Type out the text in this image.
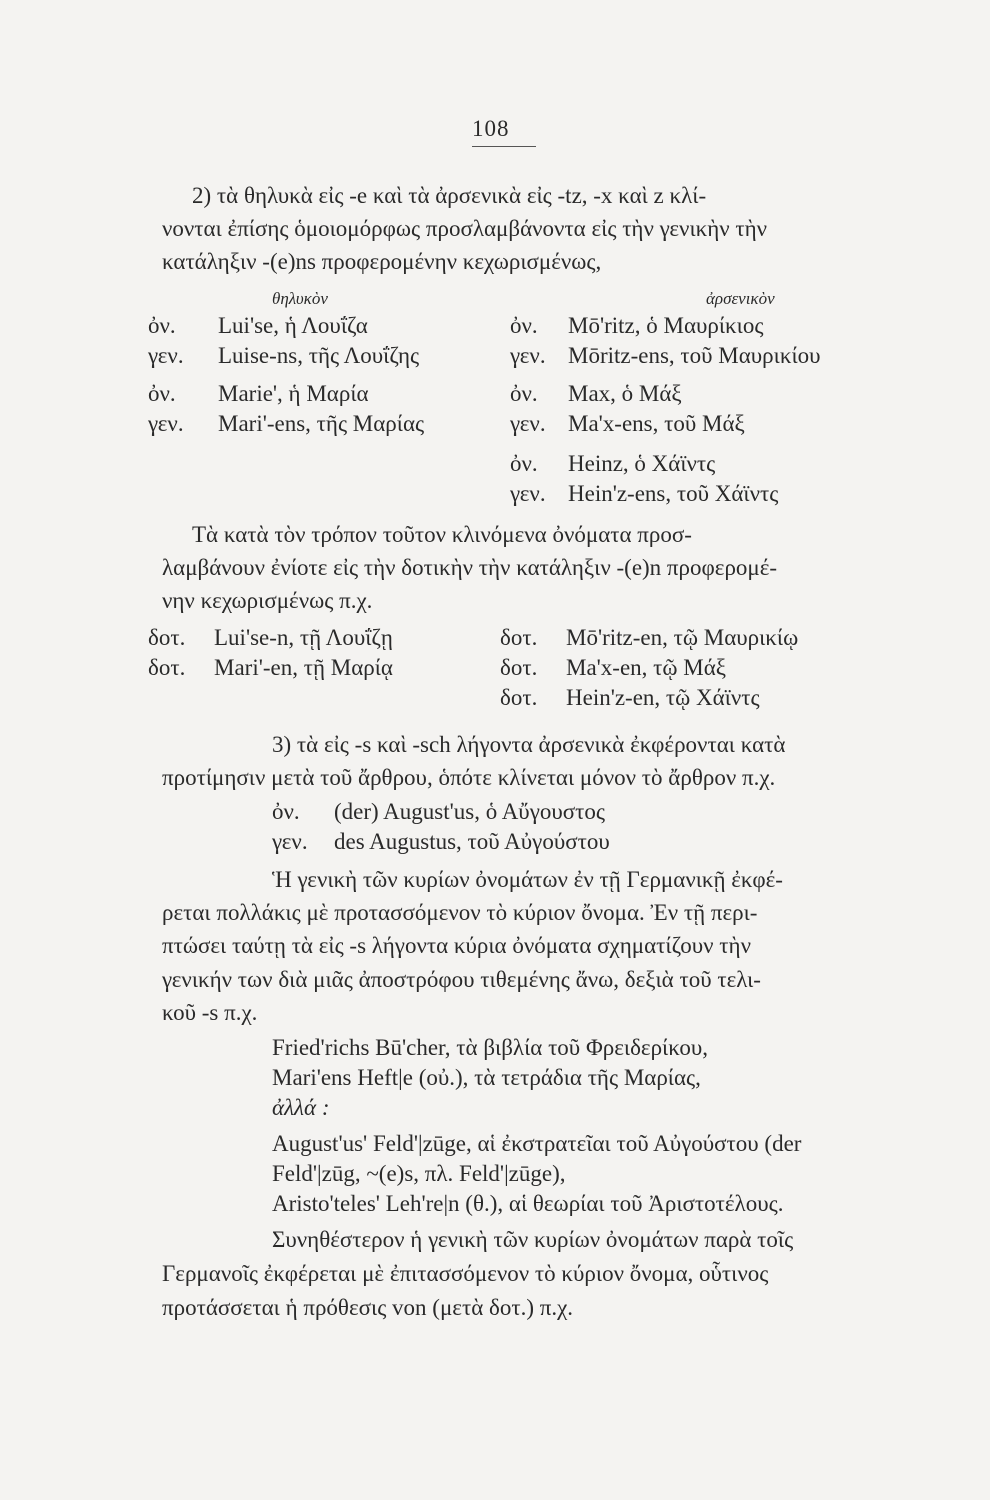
108
2) τὰ θηλυκὰ εἰς -e καὶ τὰ ἀρσενικὰ εἰς -tz, -x καὶ z κλί-
νονται ἐπίσης ὁμοιομόρφως προσλαμβάνοντα εἰς τὴν γενικὴν τὴν
κατάληξιν -(e)ns προφερομένην κεχωρισμένως,
θηλυκὸν	ἀρσενικὸν
ὀν. Lui'se, ἡ Λουΐζα
γεν. Luise-ns, τῆς Λουΐζης
ὀν. Marie', ἡ Μαρία
γεν. Mari'-ens, τῆς Μαρίας
ὀν. Mō'ritz, ὁ Μαυρίκιος
γεν. Mōritz-ens, τοῦ Μαυρικίου
ὀν. Max, ὁ Μάξ
γεν. Ma'x-ens, τοῦ Μάξ
ὀν. Heinz, ὁ Χάϊντς
γεν. Hein'z-ens, τοῦ Χάϊντς
Τὰ κατὰ τὸν τρόπον τοῦτον κλινόμενα ὀνόματα προσ-
λαμβάνουν ἐνίοτε εἰς τὴν δοτικὴν τὴν κατάληξιν -(e)n προφερομέ-
νην κεχωρισμένως π.χ.
δοτ. Lui'se-n, τῇ Λουΐζῃ
δοτ. Mari'-en, τῇ Μαρίᾳ
δοτ. Mō'ritz-en, τῷ Μαυρικίῳ
δοτ. Ma'x-en, τῷ Μάξ
δοτ. Hein'z-en, τῷ Χάϊντς
3) τὰ εἰς -s καὶ -sch λήγοντα ἀρσενικὰ ἐκφέρονται κατὰ
προτίμησιν μετὰ τοῦ ἄρθρου, ὁπότε κλίνεται μόνον τὸ ἄρθρον π.χ.
ὀν. (der) August'us, ὁ Αὔγουστος
γεν. des Augustus, τοῦ Αὐγούστου
Ἡ γενικὴ τῶν κυρίων ὀνομάτων ἐν τῇ Γερμανικῇ ἐκφέ-
ρεται πολλάκις μὲ προτασσόμενον τὸ κύριον ὄνομα. Ἐν τῇ περι-
πτώσει ταύτῃ τὰ εἰς -s λήγοντα κύρια ὀνόματα σχηματίζουν τὴν
γενικήν των διὰ μιᾶς ἀποστρόφου τιθεμένης ἄνω, δεξιὰ τοῦ τελι-
κοῦ -s π.χ.
Fried'richs Bū'cher, τὰ βιβλία τοῦ Φρειδερίκου,
Mari'ens Heft|e (οὐ.), τὰ τετράδια τῆς Μαρίας,
ἀλλά :
August'us' Feld'|zūge, αἱ ἐκστρατεῖαι τοῦ Αὐγούστου (der
Feld'|zūg, ~(e)s, πλ. Feld'|zūge),
Aristo'teles' Leh're|n (θ.), αἱ θεωρίαι τοῦ Ἀριστοτέλους.
Συνηθέστερον ἡ γενικὴ τῶν κυρίων ὀνομάτων παρὰ τοῖς
Γερμανοῖς ἐκφέρεται μὲ ἐπιτασσόμενον τὸ κύριον ὄνομα, οὗτινος
προτάσσεται ἡ πρόθεσις von (μετὰ δοτ.) π.χ.
